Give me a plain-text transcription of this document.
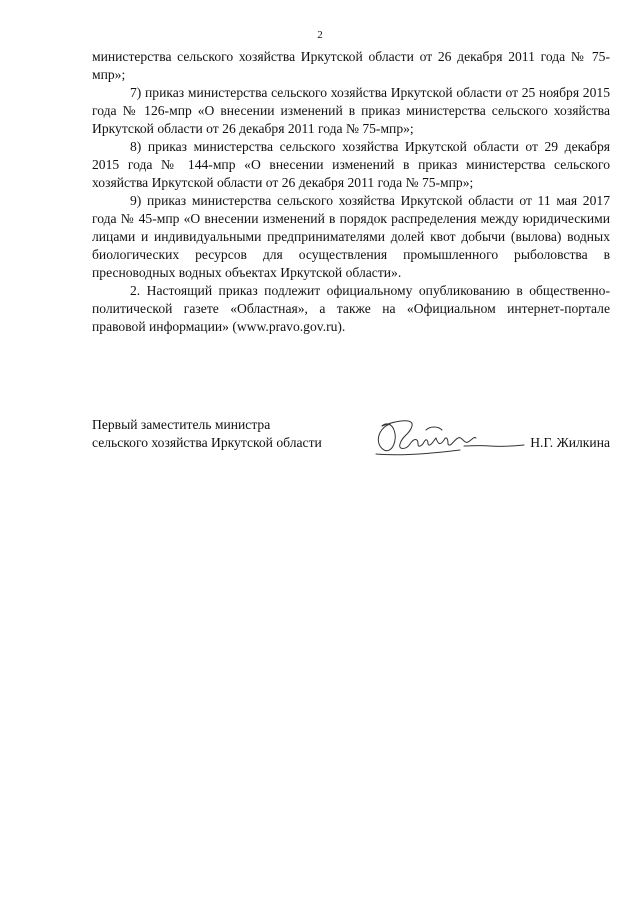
2

министерства сельского хозяйства Иркутской области от 26 декабря 2011 года № 75-мпр»;

7) приказ министерства сельского хозяйства Иркутской области от 25 ноября 2015 года № 126-мпр «О внесении изменений в приказ министерства сельского хозяйства Иркутской области от 26 декабря 2011 года № 75-мпр»;

8) приказ министерства сельского хозяйства Иркутской области от 29 декабря 2015 года № 144-мпр «О внесении изменений в приказ министерства сельского хозяйства Иркутской области от 26 декабря 2011 года № 75-мпр»;

9) приказ министерства сельского хозяйства Иркутской области от 11 мая 2017 года № 45-мпр «О внесении изменений в порядок распределения между юридическими лицами и индивидуальными предпринимателями долей квот добычи (вылова) водных биологических ресурсов для осуществления промышленного рыболовства в пресноводных водных объектах Иркутской области».

2. Настоящий приказ подлежит официальному опубликованию в общественно-политической газете «Областная», а также на «Официальном интернет-портале правовой информации» (www.pravo.gov.ru).

Первый заместитель министра
сельского хозяйства Иркутской области	Н.Г. Жилкина
